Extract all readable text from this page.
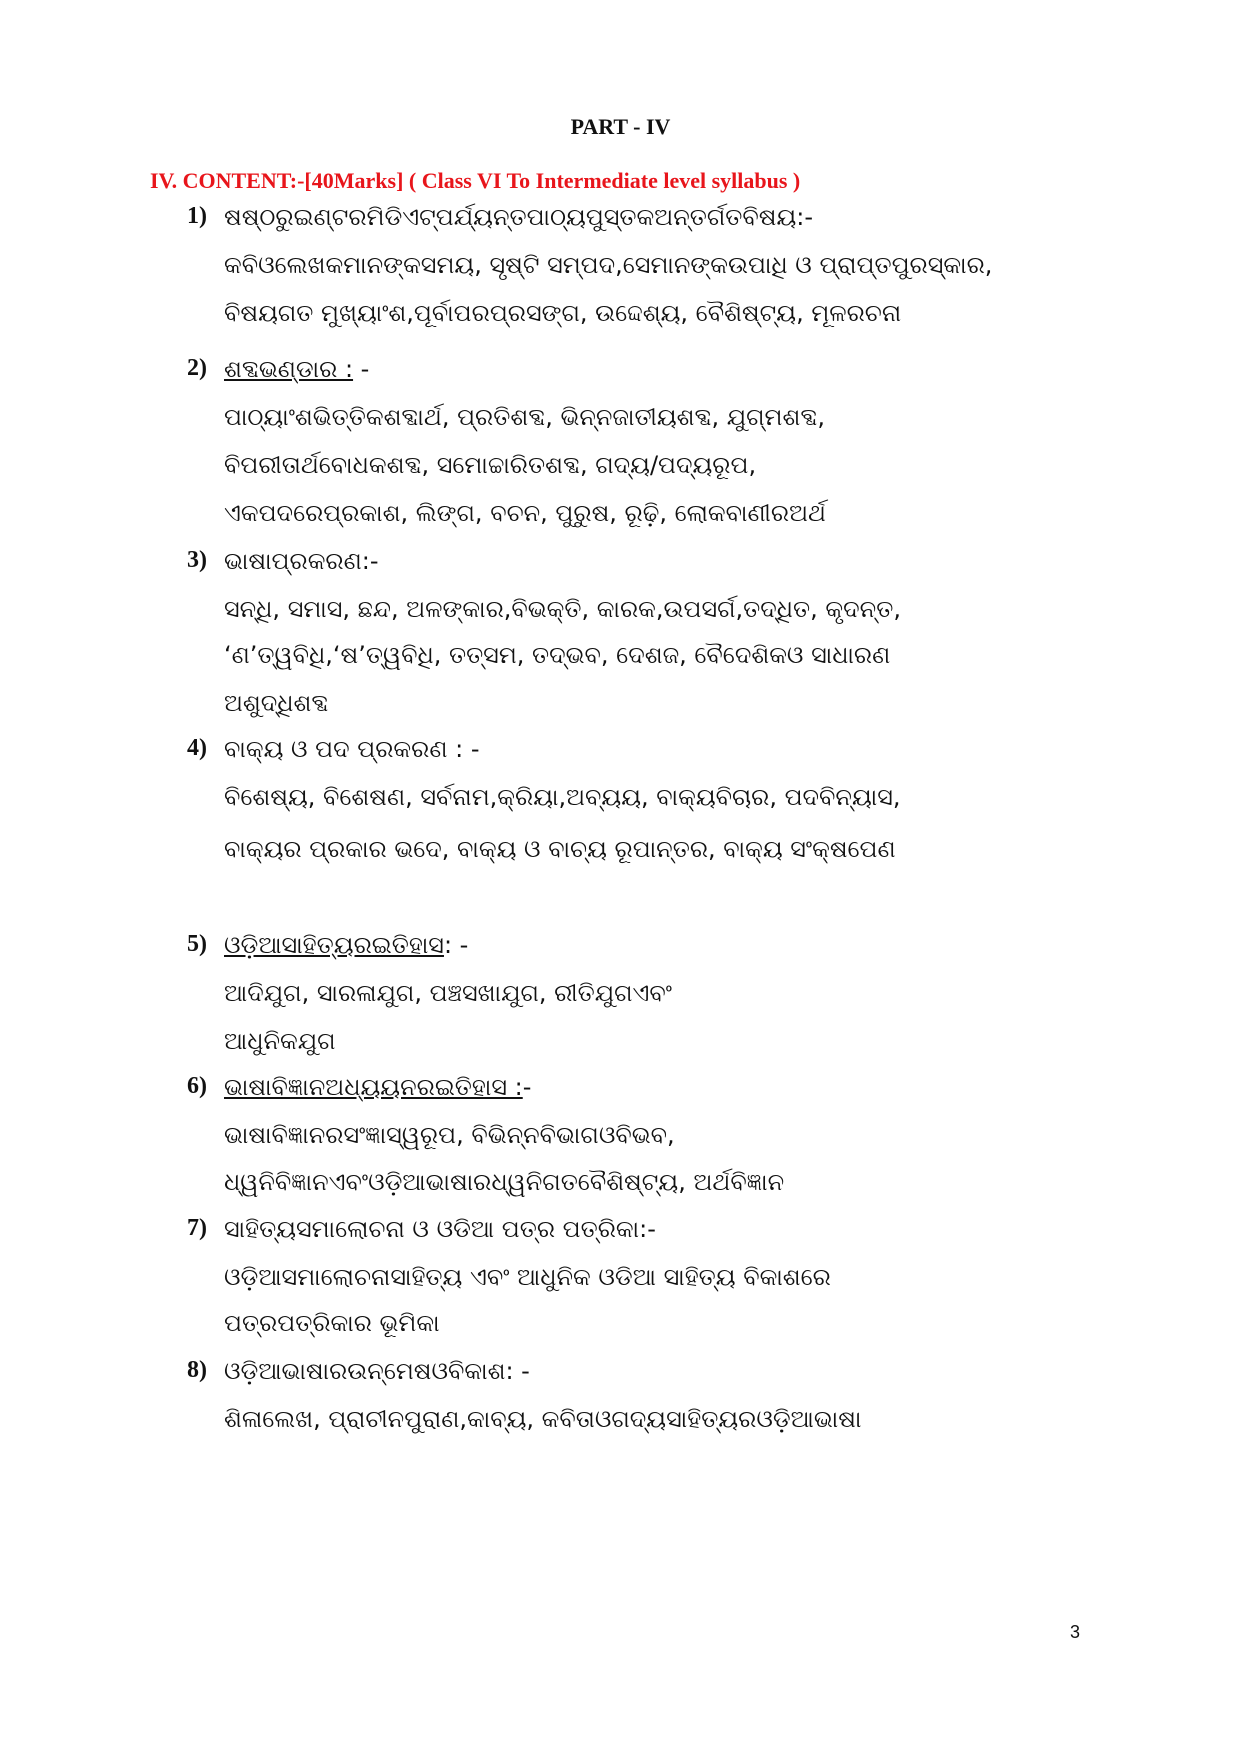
PART - IV
IV. CONTENT:-[40Marks] ( Class VI To Intermediate level syllabus )
1) ଷଷ୍ଠରୁଇଣ୍ଟରମିଡିଏଟ୍‌ପର୍ଯ୍ୟନ୍ତପାଠ୍ୟପୁସ୍ତକଅନ୍ତର୍ଗତବିଷୟ:-
କବିଓଲେଖକମାନଙ୍କସମୟ, ସୃଷ୍ଟି ସମ୍ପଦ,ସେମାନଙ୍କଉପାଧି ଓ ପ୍ରାପ୍ତପୁରସ୍କାର,
ବିଷୟଗତ ମୁଖ୍ୟାଂଶ,ପୂର୍ବାପରପ୍ରସଙ୍ଗ, ଉଦ୍ଦେଶ୍ୟ, ବୈଶିଷ୍ଟ୍ୟ, ମୂଳରଚନା
2) ଶବ୍ଦଭଣ୍ଡାର : -
ପାଠ୍ୟାଂଶଭିତ୍ତିକଶବ୍ଦାର୍ଥ, ପ୍ରତିଶବ୍ଦ, ଭିନ୍ନଜାତୀୟଶବ୍ଦ, ଯୁଗ୍ମଶବ୍ଦ,
ବିପରୀତାର୍ଥବୋଧକଶବ୍ଦ, ସମୋଚ୍ଚାରିତଶବ୍ଦ, ଗଦ୍ୟ/ପଦ୍ୟରୂପ,
ଏକପଦରେପ୍ରକାଶ, ଲିଙ୍ଗ, ବଚନ, ପୁରୁଷ, ରୂଢ଼ି, ଲୋକବାଣୀରଅର୍ଥ
3) ଭାଷାପ୍ରକରଣ:-
ସନ୍ଧି, ସମାସ, ଛନ୍ଦ, ଅଳଙ୍କାର,ବିଭକ୍ତି, କାରକ,ଉପସର୍ଗ,ତଦ୍ଧିତ, କୃଦନ୍ତ,
‘ଣ’ତ୍ୱବିଧି,‘ଷ’ତ୍ୱବିଧି, ତତ୍ସମ, ତଦ୍‌ଭବ, ଦେଶଜ, ବୈଦେଶିକଓ ସାଧାରଣ
ଅଶୁଦ୍ଧିଶବ୍ଦ
4) ବାକ୍ୟ ଓ ପଦ ପ୍ରକରଣ : -
ବିଶେଷ୍ୟ, ବିଶେଷଣ, ସର୍ବନାମ,କ୍ରିୟା,ଅବ୍ୟୟ, ବାକ୍ୟବିଚାର, ପଦବିନ୍‌ୟାସ,
ବାକ୍‌ୟର ପ୍‌ରକାର ଭଦେ, ବାକ୍‌ୟ ଓ ବାଚ୍ୟ ରୂପାନ୍‌ତର, ବାକ୍‌ୟ ସଂକ୍‌ଷପେଣ
5) ଓଡ଼ିଆସାହିତ୍ୟରଇତିହାସ: -
ଆଦିଯୁଗ, ସାରଳାଯୁଗ, ପଞ୍ଚସଖାଯୁଗ, ରୀତିଯୁଗଏବଂ
ଆଧୁନିକଯୁଗ
6) ଭାଷାବିଜ୍ଞାନଅଧ୍ୟୟନରଇତିହାସ :-
ଭାଷାବିଜ୍ଞାନରସଂଜ୍ଞାସ୍ୱରୂପ, ବିଭିନ୍ନବିଭାଗଓବିଭବ,
ଧ୍ୱନିବିଜ୍ଞାନଏବଂଓଡ଼ିଆଭାଷାରଧ୍ୱନିଗତବୈଶିଷ୍ଟ୍ୟ, ଅର୍ଥବିଜ୍ଞାନ
7) ସାହିତ୍ୟସମାଲୋଚନା ଓ ଓଡିଆ ପତ୍ର ପତ୍ରିକା:-
ଓଡ଼ିଆସମାଲୋଚନାସାହିତ୍ୟ ଏବଂ ଆଧୁନିକ ଓଡିଆ ସାହିତ୍ୟ ବିକାଶରେ
ପତ୍ରପତ୍ରିକାର ଭୂମିକା
8) ଓଡ଼ିଆଭାଷାରଉନ୍ମେଷଓବିକାଶ: -
ଶିଳାଲେଖ, ପ୍ରାଚୀନପୁରାଣ,କାବ୍ୟ, କବିତାଓଗଦ୍ୟସାହିତ୍ୟରଓଡ଼ିଆଭାଷା
3
